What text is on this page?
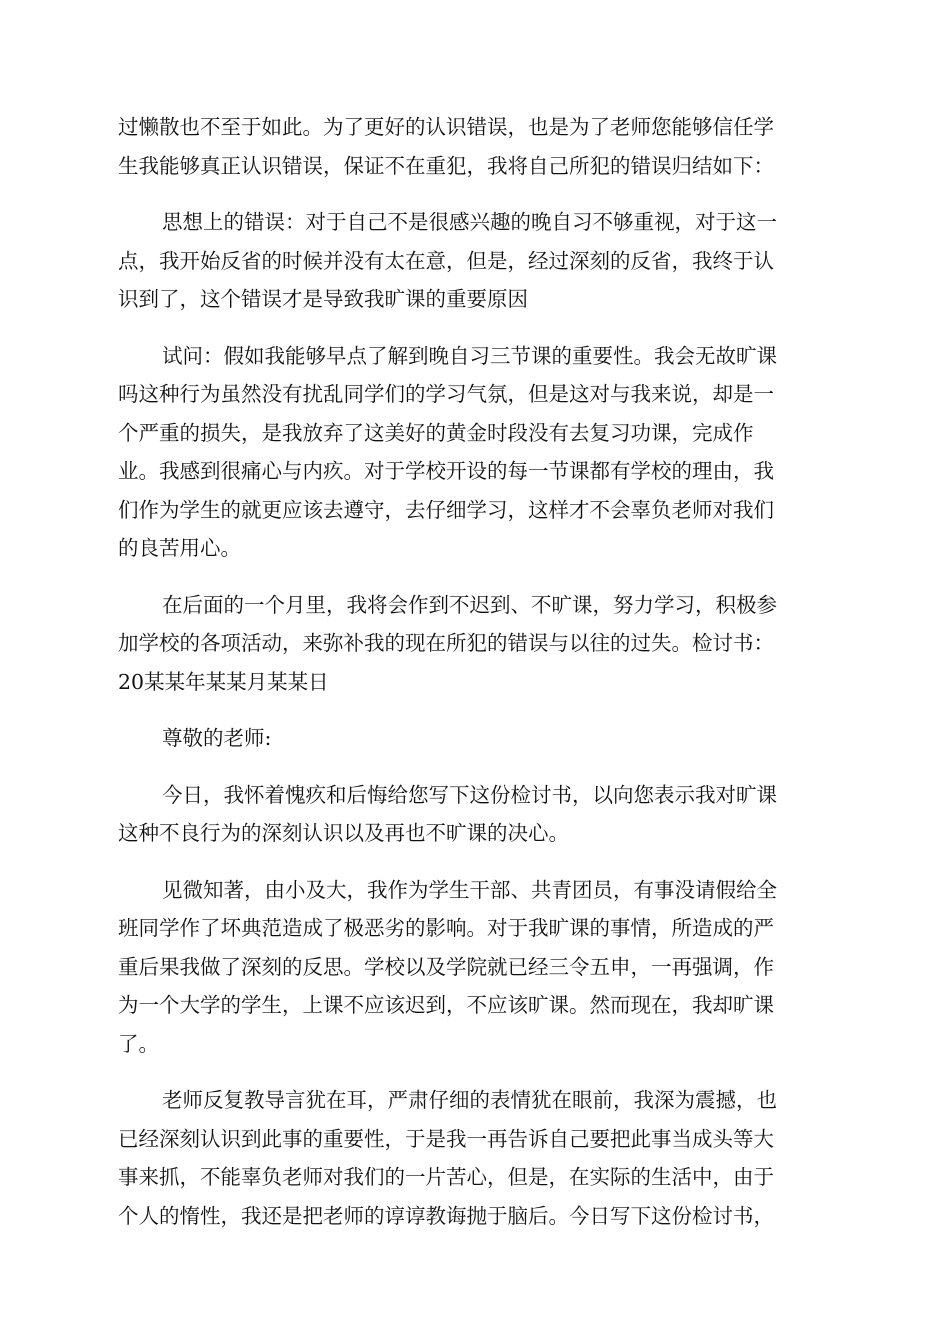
过懒散也不至于如此。为了更好的认识错误，也是为了老师您能够信任学
生我能够真正认识错误，保证不在重犯，我将自己所犯的错误归结如下：
思想上的错误：对于自己不是很感兴趣的晚自习不够重视，对于这一
点，我开始反省的时候并没有太在意，但是，经过深刻的反省，我终于认
识到了，这个错误才是导致我旷课的重要原因
试问：假如我能够早点了解到晚自习三节课的重要性。我会无故旷课
吗这种行为虽然没有扰乱同学们的学习气氛，但是这对与我来说，却是一
个严重的损失，是我放弃了这美好的黄金时段没有去复习功课，完成作
业。我感到很痛心与内疚。对于学校开设的每一节课都有学校的理由，我
们作为学生的就更应该去遵守，去仔细学习，这样才不会辜负老师对我们
的良苦用心。
在后面的一个月里，我将会作到不迟到、不旷课，努力学习，积极参
加学校的各项活动，来弥补我的现在所犯的错误与以往的过失。检讨书：
20某某年某某月某某日
尊敬的老师:
今日，我怀着愧疚和后悔给您写下这份检讨书，以向您表示我对旷课
这种不良行为的深刻认识以及再也不旷课的决心。
见微知著，由小及大，我作为学生干部、共青团员，有事没请假给全
班同学作了坏典范造成了极恶劣的影响。对于我旷课的事情，所造成的严
重后果我做了深刻的反思。学校以及学院就已经三令五申，一再强调，作
为一个大学的学生，上课不应该迟到，不应该旷课。然而现在，我却旷课
了。
老师反复教导言犹在耳，严肃仔细的表情犹在眼前，我深为震撼，也
已经深刻认识到此事的重要性，于是我一再告诉自己要把此事当成头等大
事来抓，不能辜负老师对我们的一片苦心，但是，在实际的生活中，由于
个人的惰性，我还是把老师的谆谆教诲抛于脑后。今日写下这份检讨书，
